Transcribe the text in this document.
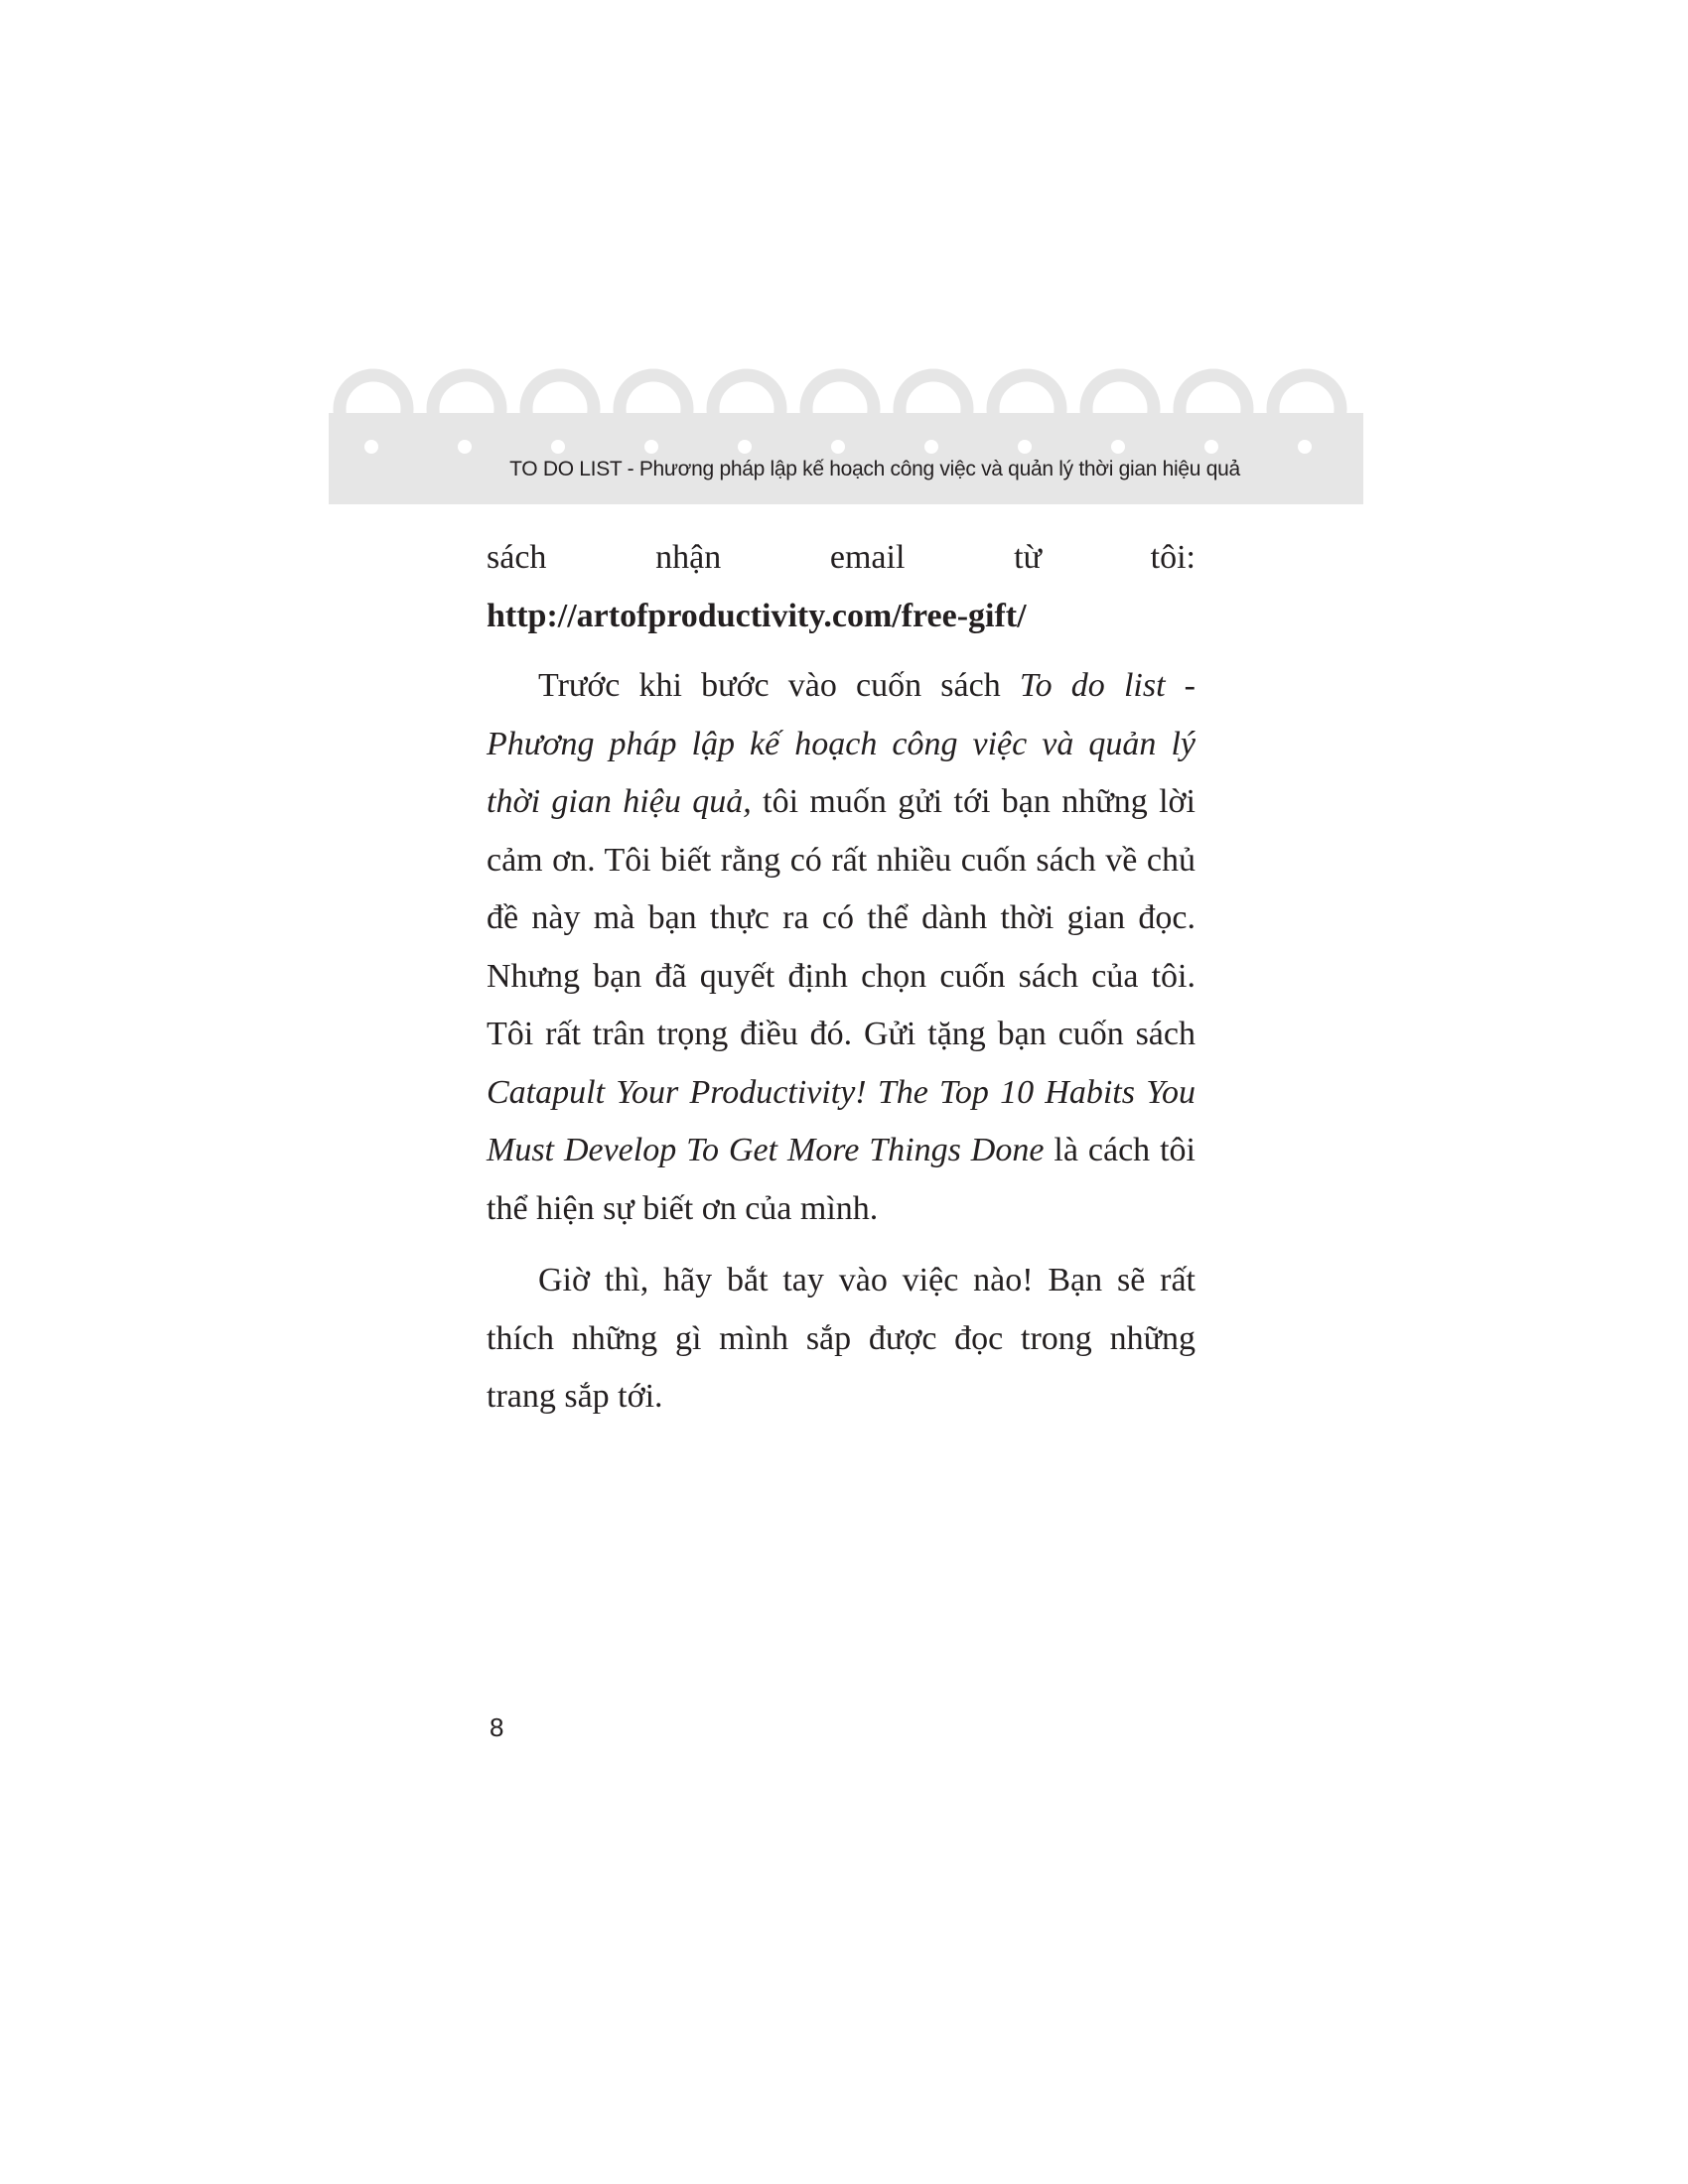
TO DO LIST - Phương pháp lập kế hoạch công việc và quản lý thời gian hiệu quả

sách nhận email từ tôi: http://artofproductivity.com/free-gift/

Trước khi bước vào cuốn sách To do list - Phương pháp lập kế hoạch công việc và quản lý thời gian hiệu quả, tôi muốn gửi tới bạn những lời cảm ơn. Tôi biết rằng có rất nhiều cuốn sách về chủ đề này mà bạn thực ra có thể dành thời gian đọc. Nhưng bạn đã quyết định chọn cuốn sách của tôi. Tôi rất trân trọng điều đó. Gửi tặng bạn cuốn sách Catapult Your Productivity! The Top 10 Habits You Must Develop To Get More Things Done là cách tôi thể hiện sự biết ơn của mình.

Giờ thì, hãy bắt tay vào việc nào! Bạn sẽ rất thích những gì mình sắp được đọc trong những trang sắp tới.

8
